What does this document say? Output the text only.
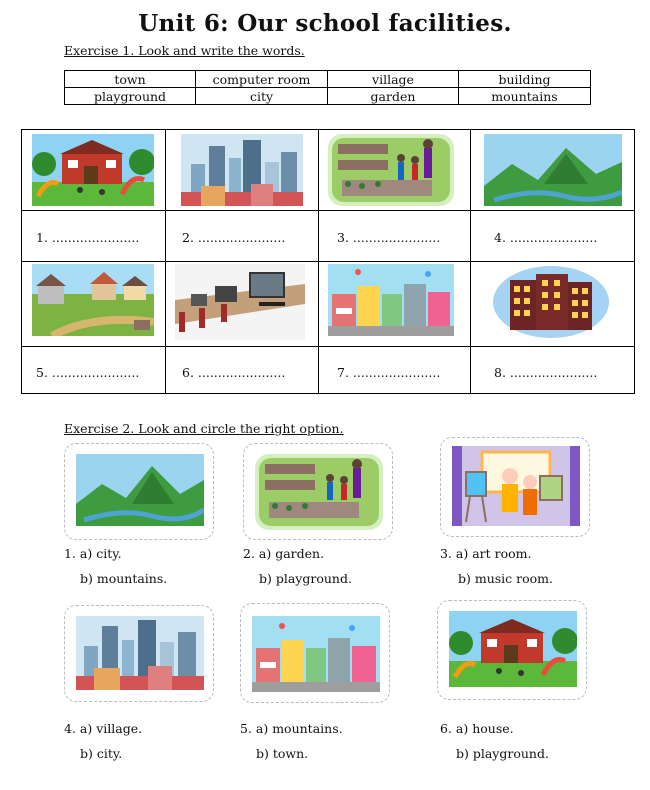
Unit 6: Our school facilities.
Exercise 1. Look and write the words.
town	computer room	village	building
playground	city	garden	mountains
1. ......................	2. ......................	3. ......................	4. ......................
5. ......................	6. ......................	7. ......................	8. ......................
Exercise 2. Look and circle the right option.
1. a) city.
b) mountains.
2. a) garden.
b) playground.
3. a) art room.
b) music room.
4. a) village.
b) city.
5. a) mountains.
b) town.
6. a) house.
b) playground.
